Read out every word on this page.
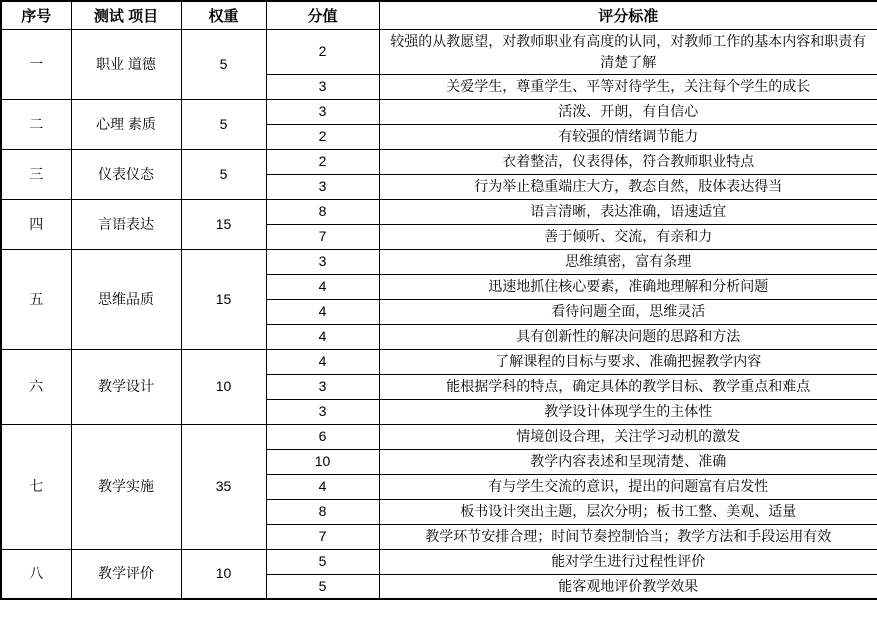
序号	测试 项目	权重	分值	评分标准
一	职业 道德	5	2	较强的从教愿望，对教师职业有高度的认同，对教师工作的基本内容和职责有清楚了解
			3	关爱学生，尊重学生、平等对待学生，关注每个学生的成长
二	心理 素质	5	3	活泼、开朗，有自信心
			2	有较强的情绪调节能力
三	仪表仪态	5	2	衣着整洁，仪表得体，符合教师职业特点
			3	行为举止稳重端庄大方，教态自然，肢体表达得当
四	言语表达	15	8	语言清晰，表达准确，语速适宜
			7	善于倾听、交流，有亲和力
五	思维品质	15	3	思维缜密，富有条理
			4	迅速地抓住核心要素，准确地理解和分析问题
			4	看待问题全面，思维灵活
			4	具有创新性的解决问题的思路和方法
六	教学设计	10	4	了解课程的目标与要求、准确把握教学内容
			3	能根据学科的特点，确定具体的教学目标、教学重点和难点
			3	教学设计体现学生的主体性
七	教学实施	35	6	情境创设合理，关注学习动机的激发
			10	教学内容表述和呈现清楚、准确
			4	有与学生交流的意识，提出的问题富有启发性
			8	板书设计突出主题，层次分明；板书工整、美观、适量
			7	教学环节安排合理；时间节奏控制恰当；教学方法和手段运用有效
八	教学评价	10	5	能对学生进行过程性评价
			5	能客观地评价教学效果
